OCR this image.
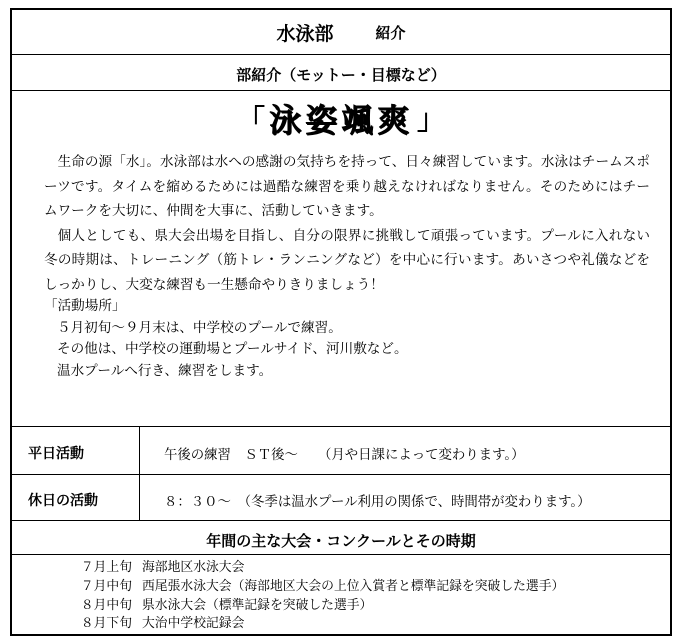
水泳部	紹介
部紹介（モットー・目標など）
「 泳姿颯爽 」

生命の源「水」。水泳部は水への感謝の気持ちを持って、日々練習しています。水泳はチームスポーツです。タイムを縮めるためには過酷な練習を乗り越えなければなりません。そのためにはチームワークを大切に、仲間を大事に、活動していきます。

個人としても、県大会出場を目指し、自分の限界に挑戦して頑張っています。プールに入れない冬の時期は、トレーニング（筋トレ・ランニングなど）を中心に行います。あいさつや礼儀などをしっかりし、大変な練習も一生懸命やりきりましょう！

「活動場所」
５月初旬～９月末は、中学校のプールで練習。
その他は、中学校の運動場とプールサイド、河川敷など。
温水プールへ行き、練習をします。
平日活動	午後の練習　ＳＴ後～　　（月や日課によって変わります。）
休日の活動	８：３０～　（冬季は温水プール利用の関係で、時間帯が変わります。）
年間の主な大会・コンクールとその時期
７月上旬 海部地区水泳大会
７月中旬 西尾張水泳大会（海部地区大会の上位入賞者と標準記録を突破した選手）
８月中旬 県水泳大会（標準記録を突破した選手）
８月下旬 大治中学校記録会
